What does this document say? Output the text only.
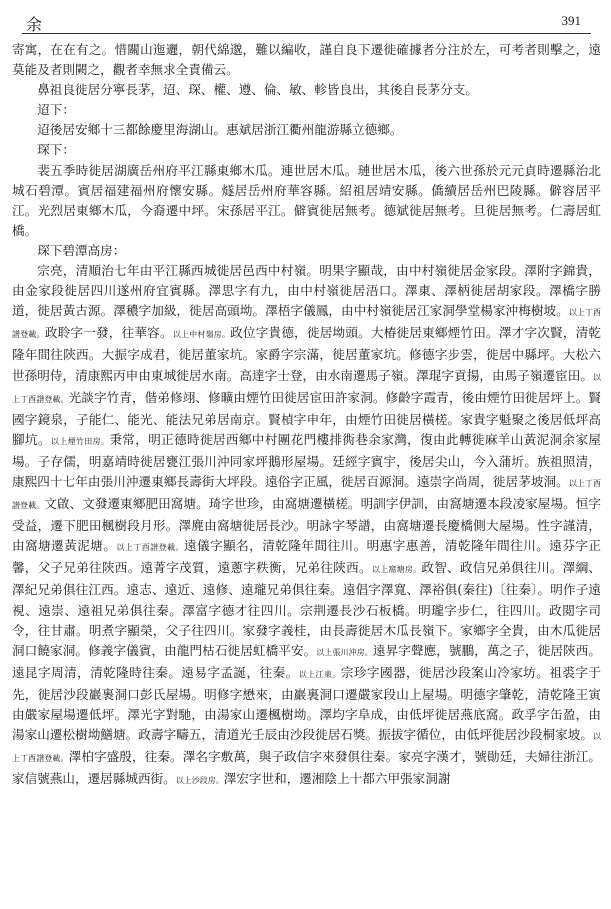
余	391

寄寓，在在有之。惜關山迤邐，朝代綿邈，難以編收，謹自良下遷徙確據者分注於左，可考者則擊之，遠莫能及者則闕之，觀者幸無求全責備云。

鼻祖良徙居分寧長茅，迢、琛、權、遵、倫、敏、軫皆良出，其後自長茅分支。

迢下：

迢後居安鄉十三都餘慶里海湖山。惠斌居浙江衢州龍游縣立德鄉。

琛下：

裴五季時徙居湖廣岳州府平江縣東鄉木瓜。連世居木瓜。璉世居木瓜，後六世孫於元元貞時遷縣治北城石碧潭。賓居福建福州府懷安縣。燧居岳州府華容縣。紹祖居靖安縣。僑續居岳州巴陵縣。僻容居平江。光烈居東鄉木瓜，今裔遷中坪。宋孫居平江。僻賓徙居無考。德斌徙居無考。旦徙居無考。仁壽居虹橋。

琛下碧潭高房：

宗亮，清順治七年由平江縣西城徙居邑西中村嶺。明果字顯哉，由中村嶺徙居金家段。澤附字錦貴，由金家段徙居四川遂州府宜賓縣。澤思字有九，由中村嶺徙居浯口。澤東、澤柄徙居胡家段。澤橋字勝道，徙居黃古源。澤穠字加級，徙居高頭坳。澤梧字儀鳳，由中村嶺徙居江家洞學堂楊家沖梅樹坡。以上丁酉譜登載。政聆字一發，往華容。以上中村嶺房。政位字貴德，徙居坳頭。大椿徙居東鄉煙竹田。澤才字次賢，清乾隆年間往陝西。大振字成君，徙居董家坑。家爵字宗滿，徙居董家坑。修德字步雲，徙居中縣坪。大松六世孫明侍，清康熙丙申由東城徙居水南。高達字士登，由水南遷馬子嶺。澤琨字貢揚，由馬子嶺遷宦田。以上丁酉譜登載。光談字竹青，偕弟修翊、修曠由煙竹田徙居宦田許家洞。修齡字霞青，後由煙竹田徙居坪上。賢國字鏡泉，子能仁、能光、能法兄弟居南京。賢楨字申年，由煙竹田徙居橫槎。家貴字魁聚之後居低坪高腳坑。以上煙竹田房。秉常，明正德時徙居西鄉中村團花門樓排衖巷余家灣，復由此轉徙麻羊山黃泥洞余家屋場。子存儒，明嘉靖時徙居甕江張川沖同家坪鵝形屋場。廷經字賓宇，後居尖山，今入蒲圻。族祖照清，康熙四十七年由張川沖遷東鄉長壽街大坪段。遠俗字正風，徙居百源洞。遠崇字尚周，徙居茅坡洞。以上丁酉譜登載。文啟、文發遷東鄉肥田窩塘。琦字世珍，由窩塘遷橫槎。明訓字伊訓，由窩塘遷本段凌家屋場。恒字受益，遷下肥田楓樹段月形。澤麂由窩塘徙居長沙。明詠字琴譜，由窩塘遷長慶橋側大屋場。性字謹清，由窩塘遷黃泥塘。以上丁酉譜登載。遠儀字顯名，清乾隆年間往川。明惠字惠善，清乾隆年間往川。遠芬字正馨，父子兄弟往陝西。遠菁字茂質，遠蔥字秩衡，兄弟往陝西。以上窩塘房。政智、政信兄弟俱往川。澤綱、澤紀兄弟俱往江西。遠志、遠近、遠修、遠瓏兄弟俱往秦。遠倡字澤寬、澤裕俱(秦往)〔往秦〕。明作子遠視、遠崇、遠祖兄弟俱往秦。澤富字德才往四川。宗荆遷長沙石板橋。明瓏字步仁，往四川。政閲字司令，往甘肅。明煮字顯榮，父子往四川。家發字義桂，由長壽徙居木瓜長嶺下。家鄉字全貴，由木瓜徙居洞口饒家洞。修義字儀賓，由龍門枯石徙居虹橋平安。以上張川沖房。遠昇字聲應，號鵬，萬之子，徙居陝西。遠昆字周清，清乾隆時往秦。遠易字孟誕，往秦。以上江東。宗珍字國器，徙居沙段案山冷家坊。祖裘字于先，徙居沙段巖裹洞口彭氏屋場。明修字懋來，由巖裏洞口遷嚴家段山上屋場。明德字肇乾，清乾隆王寅由嚴家屋場遷低坪。澤光字對馳，由湯家山遷楓樹坳。澤均字阜成，由低坪徙居燕底窩。政孚字缶盈，由湯家山遷松樹坳鱔塘。政壽字疇五，清道光壬辰由沙段徙居石獎。振拔字循位，由低坪徙居沙段桐家坡。以上丁酉譜登載。澤柏字盛殷，往秦。澤名字敷萬，與子政信字來發俱往秦。家亮字漢才，號勛廷，夫婦往浙江。家信號燕山，遷居縣城西街。以上沙段房。澤宏字世和，遷湘陰上十都六甲張家洞謝
